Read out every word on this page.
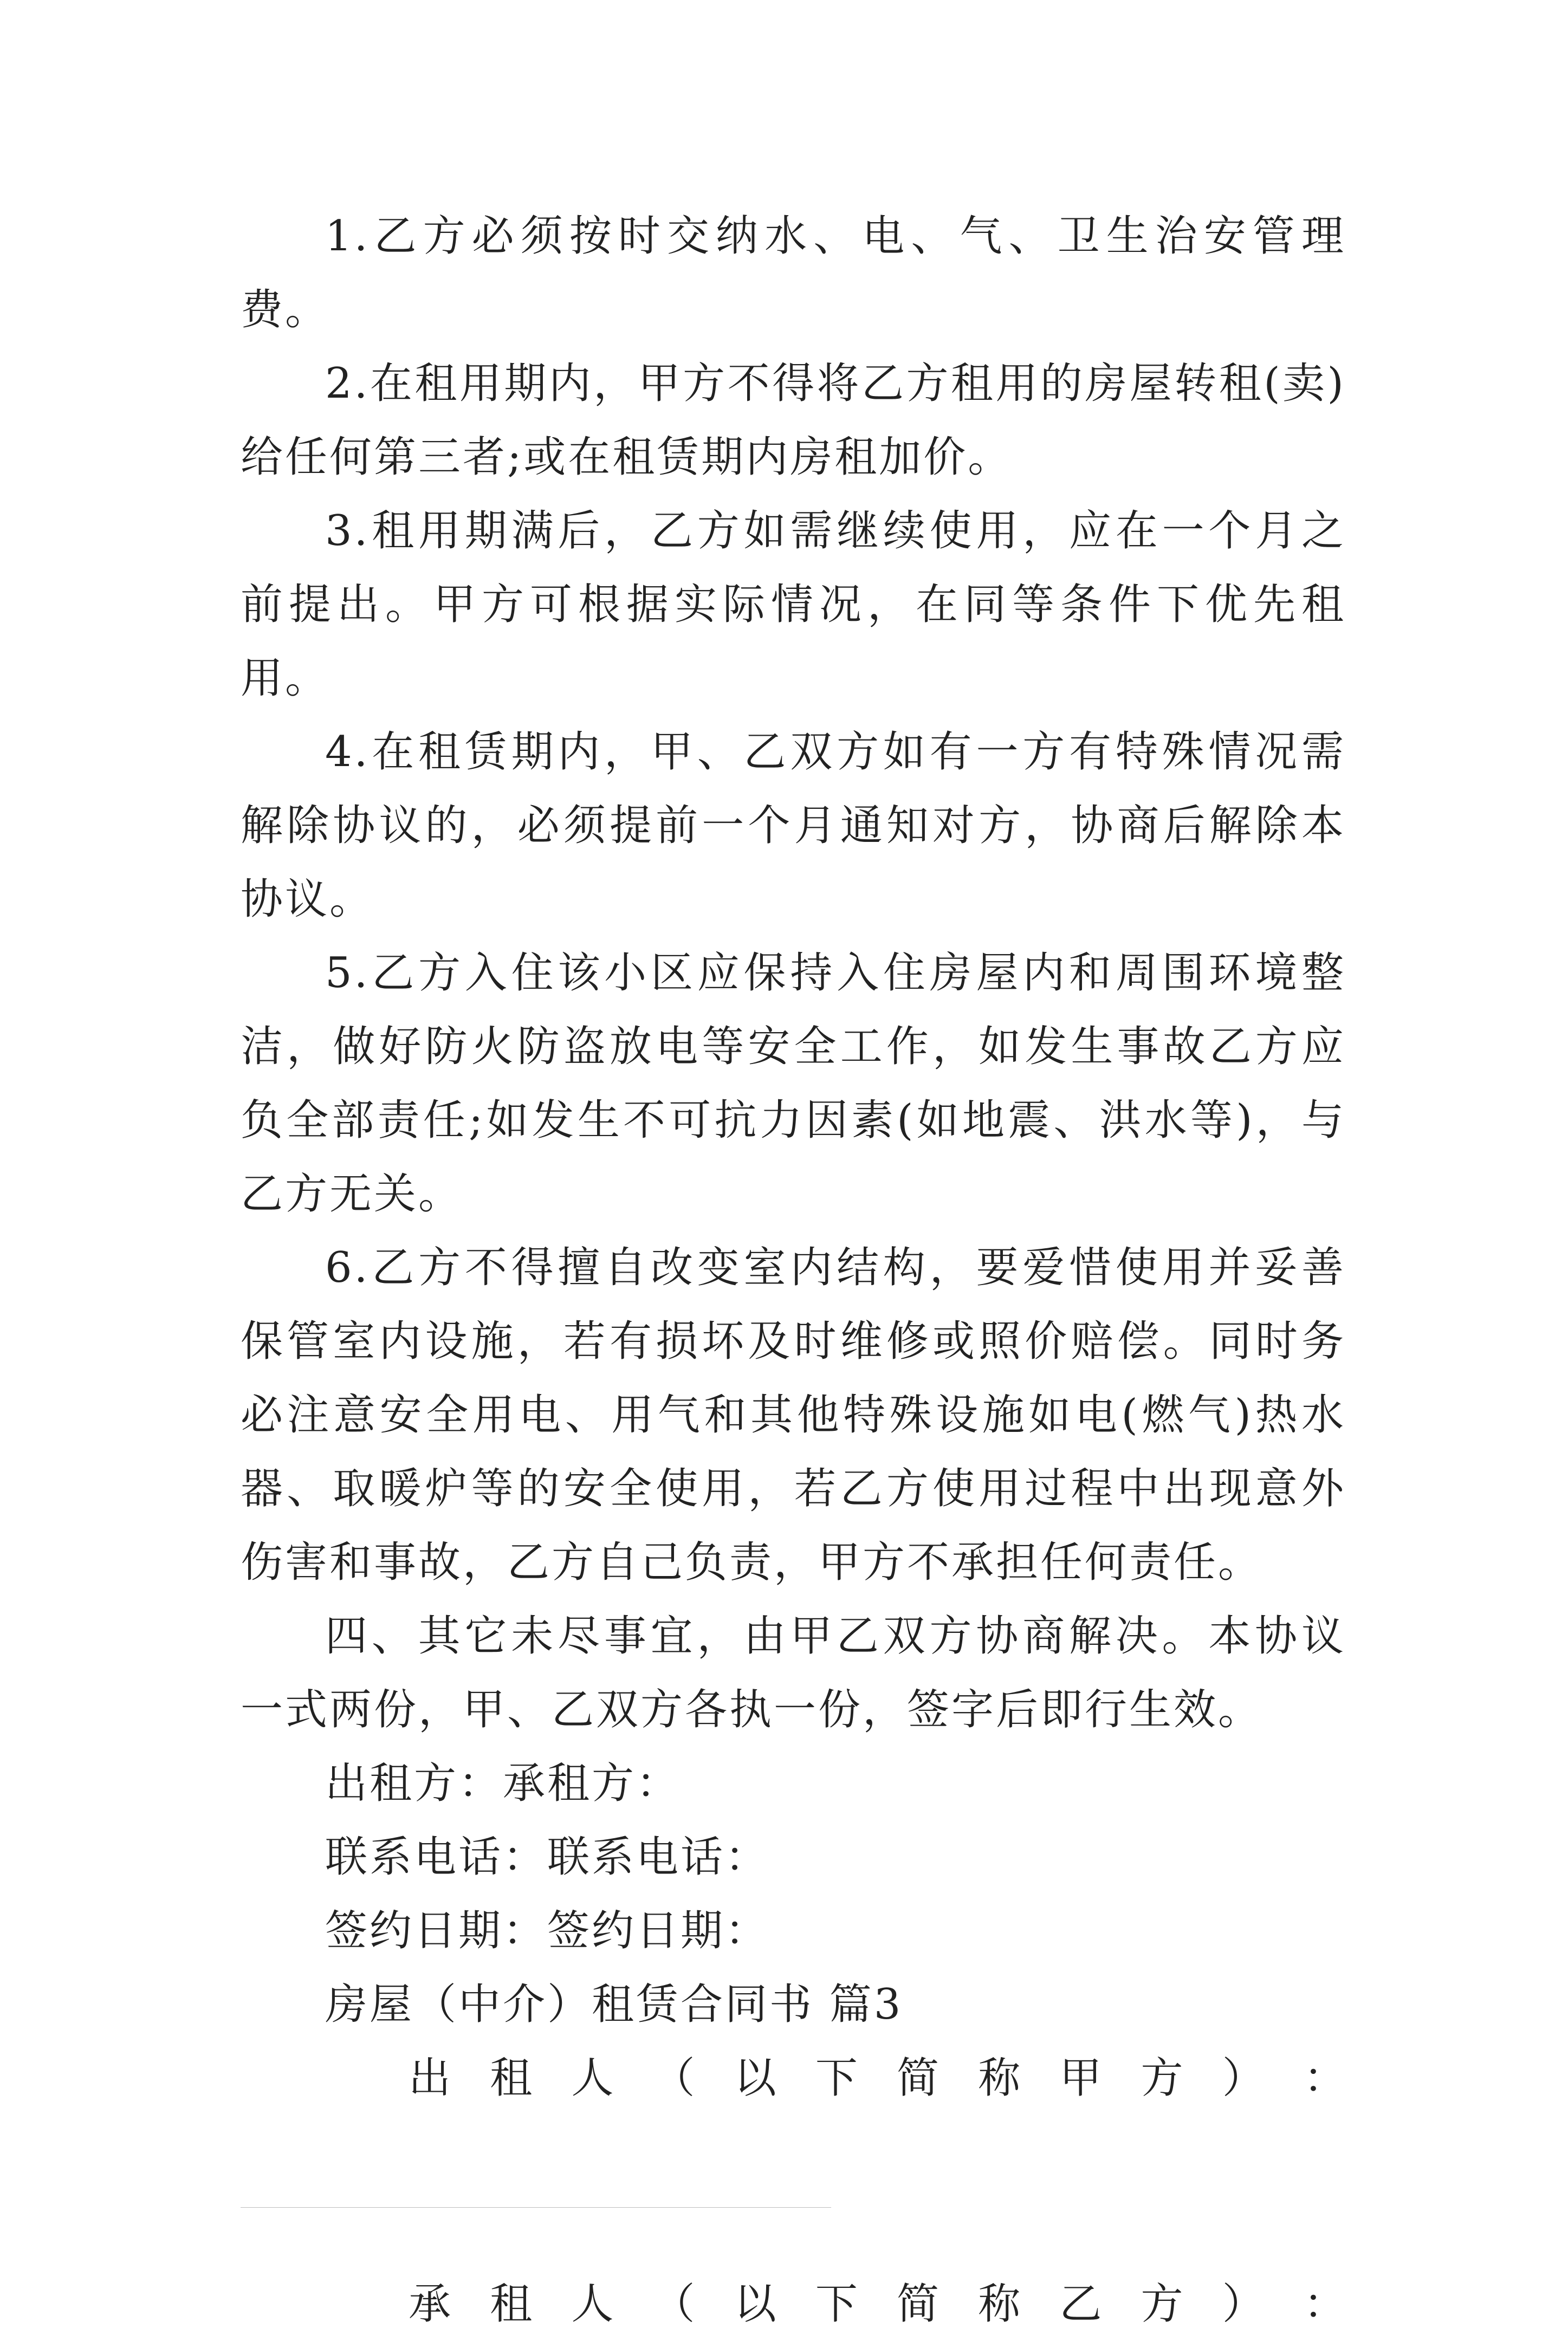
1.乙方必须按时交纳水、电、气、卫生治安管理费。

2.在租用期内，甲方不得将乙方租用的房屋转租(卖)给任何第三者;或在租赁期内房租加价。

3.租用期满后，乙方如需继续使用，应在一个月之前提出。甲方可根据实际情况，在同等条件下优先租用。

4.在租赁期内，甲、乙双方如有一方有特殊情况需解除协议的，必须提前一个月通知对方，协商后解除本协议。

5.乙方入住该小区应保持入住房屋内和周围环境整洁，做好防火防盗放电等安全工作，如发生事故乙方应负全部责任;如发生不可抗力因素(如地震、洪水等)，与乙方无关。

6.乙方不得擅自改变室内结构，要爱惜使用并妥善保管室内设施，若有损坏及时维修或照价赔偿。同时务必注意安全用电、用气和其他特殊设施如电(燃气)热水器、取暖炉等的安全使用，若乙方使用过程中出现意外伤害和事故，乙方自己负责，甲方不承担任何责任。

四、其它未尽事宜，由甲乙双方协商解决。本协议一式两份，甲、乙双方各执一份，签字后即行生效。

出租方：承租方：

联系电话：联系电话：

签约日期：签约日期：

房屋（中介）租赁合同书 篇3

出 租 人 （ 以 下 简 称 甲 方 ） ：

承 租 人 （ 以 下 简 称 乙 方 ） ：
